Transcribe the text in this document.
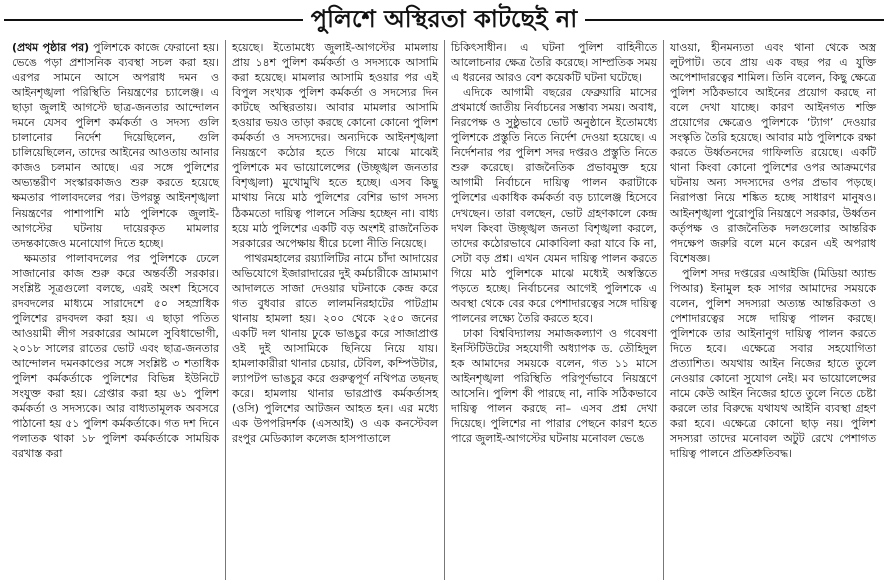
পুলিশে অস্থিরতা কাটছেই না

(প্রথম পৃষ্ঠার পর) পুলিশকে কাজে ফেরানো হয়। ভেঙে পড়া প্রশাসনিক ব্যবস্থা সচল করা হয়। এরপর সামনে আসে অপরাধ দমন ও আইনশৃঙ্খলা পরিস্থিতি নিয়ন্ত্রণের চ্যালেঞ্জ। এ ছাড়া জুলাই আগস্টে ছাত্র-জনতার আন্দোলন দমনে যেসব পুলিশ কর্মকর্তা ও সদস্য গুলি চালানোর নির্দেশ দিয়েছিলেন, গুলি চালিয়েছিলেন, তাদের আইনের আওতায় আনার কাজও চলমান আছে। এর সঙ্গে পুলিশের অভ্যন্তরীণ সংস্কারকাজও শুরু করতে হয়েছে ক্ষমতার পালাবদলের পর। উপরন্তু আইনশৃঙ্খলা নিয়ন্ত্রণের পাশাপাশি মাঠ পুলিশকে জুলাই-আগস্টের ঘটনায় দায়েরকৃত মামলার তদন্তকাজেও মনোযোগ দিতে হচ্ছে।

ক্ষমতার পালাবদলের পর পুলিশকে ঢেলে সাজানোর কাজ শুরু করে অন্তর্বর্তী সরকার। সংশ্লিষ্ট সূত্রগুলো বলছে, এরই অংশ হিসেবে রদবদলের মাধ্যমে সারাদেশে ৫০ সহস্রাধিক পুলিশের রদবদল করা হয়। এ ছাড়া পতিত আওয়ামী লীগ সরকারের আমলে সুবিধাভোগী, ২০১৮ সালের রাতের ভোট এবং ছাত্র-জনতার আন্দোলন দমনকাণ্ডের সঙ্গে সংশ্লিষ্ট ৩ শতাধিক পুলিশ কর্মকর্তাকে পুলিশের বিভিন্ন ইউনিটে সংযুক্ত করা হয়। গ্রেপ্তার করা হয় ৬১ পুলিশ কর্মকর্তা ও সদস্যকে। আর বাধ্যতামূলক অবসরে পাঠানো হয় ৫১ পুলিশ কর্মকর্তাকে। গত দশ দিনে পলাতক থাকা ১৮ পুলিশ কর্মকর্তাকে সাময়িক বরখাস্ত করা

হয়েছে। ইতোমধ্যে জুলাই-আগস্টের মামলায় প্রায় ১৪শ পুলিশ কর্মকর্তা ও সদস্যকে আসামি করা হয়েছে। মামলার আসামি হওয়ার পর এই বিপুল সংখ্যক পুলিশ কর্মকর্তা ও সদস্যের দিন কাটছে অস্থিরতায়। আবার মামলার আসামি হওয়ার ভয়ও তাড়া করছে কোনো কোনো পুলিশ কর্মকর্তা ও সদস্যদের। অন্যদিকে আইনশৃঙ্খলা নিয়ন্ত্রণে কঠোর হতে গিয়ে মাঝে মাঝেই পুলিশকে মব ভায়োলেন্সের (উচ্ছৃঙ্খল জনতার বিশৃঙ্খলা) মুখোমুখি হতে হচ্ছে। এসব কিছু মাথায় নিয়ে মাঠ পুলিশের বেশির ভাগ সদস্য ঠিকমতো দায়িত্ব পালনে সক্রিয় হচ্ছেন না। বাধ্য হয়ে মাঠ পুলিশের একটি বড় অংশই রাজনৈতিক সরকারের অপেক্ষায় ধীরে চলো নীতি নিয়েছে।

পাথরমহালের রয়্যালিটির নামে চাঁদা আদায়ের অভিযোগে ইজারাদারের দুই কর্মচারীকে ভ্রাম্যমাণ আদালতে সাজা দেওয়ার ঘটনাকে কেন্দ্র করে গত বুধবার রাতে লালমনিরহাটের পাটগ্রাম থানায় হামলা হয়। ২০০ থেকে ২৫০ জনের একটি দল থানায় ঢুকে ভাঙচুর করে সাজাপ্রাপ্ত ওই দুই আসামিকে ছিনিয়ে নিয়ে যায়। হামলাকারীরা থানার চেয়ার, টেবিল, কম্পিউটার, ল্যাপটপ ভাঙচুর করে গুরুত্বপূর্ণ নথিপত্র তছনছ করে। হামলায় থানার ভারপ্রাপ্ত কর্মকর্তাসহ (ওসি) পুলিশের আটজন আহত হন। এর মধ্যে এক উপপরিদর্শক (এসআই) ও এক কনস্টেবল রংপুর মেডিক্যাল কলেজ হাসপাতালে

চিকিৎসাধীন। এ ঘটনা পুলিশ বাহিনীতে আলোচনার ক্ষেত্র তৈরি করেছে। সাম্প্রতিক সময় এ ধরনের আরও বেশ কয়েকটি ঘটনা ঘটেছে।

এদিকে আগামী বছরের ফেব্রুয়ারি মাসের প্রথমার্ধে জাতীয় নির্বাচনের সম্ভাব্য সময়। অবাধ, নিরপেক্ষ ও সুষ্ঠুভাবে ভোট অনুষ্ঠানে ইতোমধ্যে পুলিশকে প্রস্তুতি নিতে নির্দেশ দেওয়া হয়েছে। এ নির্দেশনার পর পুলিশ সদর দপ্তরও প্রস্তুতি নিতে শুরু করেছে। রাজনৈতিক প্রভাবমুক্ত হয়ে আগামী নির্বাচনে দায়িত্ব পালন করাটাকে পুলিশের একাধিক কর্মকর্তা বড় চ্যালেঞ্জ হিসেবে দেখছেন। তারা বলছেন, ভোট গ্রহণকালে কেন্দ্র দখল কিংবা উচ্ছৃঙ্খল জনতা বিশৃঙ্খলা করলে, তাদের কঠোরভাবে মোকাবিলা করা যাবে কি না, সেটা বড় প্রশ্ন। এখন যেমন দায়িত্ব পালন করতে গিয়ে মাঠ পুলিশকে মাঝে মধ্যেই অস্বস্তিতে পড়তে হচ্ছে। নির্বাচনের আগেই পুলিশকে এ অবস্থা থেকে বের করে পেশাদারত্বের সঙ্গে দায়িত্ব পালনের লক্ষ্যে তৈরি করতে হবে।

ঢাকা বিশ্ববিদ্যালয় সমাজকল্যাণ ও গবেষণা ইনস্টিটিউটের সহযোগী অধ্যাপক ড. তৌহিদুল হক আমাদের সময়কে বলেন, গত ১১ মাসে আইনশৃঙ্খলা পরিস্থিতি পরিপূর্ণভাবে নিয়ন্ত্রণে আসেনি। পুলিশ কী পারছে না, নাকি সঠিকভাবে দায়িত্ব পালন করছে না– এসব প্রশ্ন দেখা দিয়েছে। পুলিশের না পারার পেছনে কারণ হতে পারে জুলাই-আগস্টের ঘটনায় মনোবল ভেঙে

যাওয়া, হীনমন্যতা এবং থানা থেকে অস্ত্র লুটপাট। তবে প্রায় এক বছর পর এ যুক্তি অপেশাদারত্বের শামিল। তিনি বলেন, কিছু ক্ষেত্রে পুলিশ সঠিকভাবে আইনের প্রয়োগ করছে না বলে দেখা যাচ্ছে। কারণ আইনগত শক্তি প্রয়োগের ক্ষেত্রেও পুলিশকে ‘ট্যাগ’ দেওয়ার সংস্কৃতি তৈরি হয়েছে। আবার মাঠ পুলিশকে রক্ষা করতে উর্ধ্বতনদের গাফিলতি রয়েছে। একটি থানা কিংবা কোনো পুলিশের ওপর আক্রমণের ঘটনায় অন্য সদস্যদের ওপর প্রভাব পড়ছে। নিরাপত্তা নিয়ে শঙ্কিত হচ্ছে সাধারণ মানুষও। আইনশৃঙ্খলা পুরোপুরি নিয়ন্ত্রণে সরকার, উর্ধ্বতন কর্তৃপক্ষ ও রাজনৈতিক দলগুলোর আন্তরিক পদক্ষেপ জরুরি বলে মনে করেন এই অপরাধ বিশেষজ্ঞ।

পুলিশ সদর দপ্তরের এআইজি (মিডিয়া অ্যান্ড পিআর) ইনামুল হক সাগর আমাদের সময়কে বলেন, পুলিশ সদস্যরা অত্যন্ত আন্তরিকতা ও পেশাদারত্বের সঙ্গে দায়িত্ব পালন করছে। পুলিশকে তার আইনানুগ দায়িত্ব পালন করতে দিতে হবে। এক্ষেত্রে সবার সহযোগিতা প্রত্যাশিত। অযথায় আইন নিজের হাতে তুলে নেওয়ার কোনো সুযোগ নেই। মব ভায়োলেন্সের নামে কেউ আইন নিজের হাতে তুলে নিতে চেষ্টা করলে তার বিরুদ্ধে যথাযথ আইনি ব্যবস্থা গ্রহণ করা হবে। এক্ষেত্রে কোনো ছাড় নয়। পুলিশ সদস্যরা তাদের মনোবল অটুট রেখে পেশাগত দায়িত্ব পালনে প্রতিশ্রুতিবদ্ধ।
